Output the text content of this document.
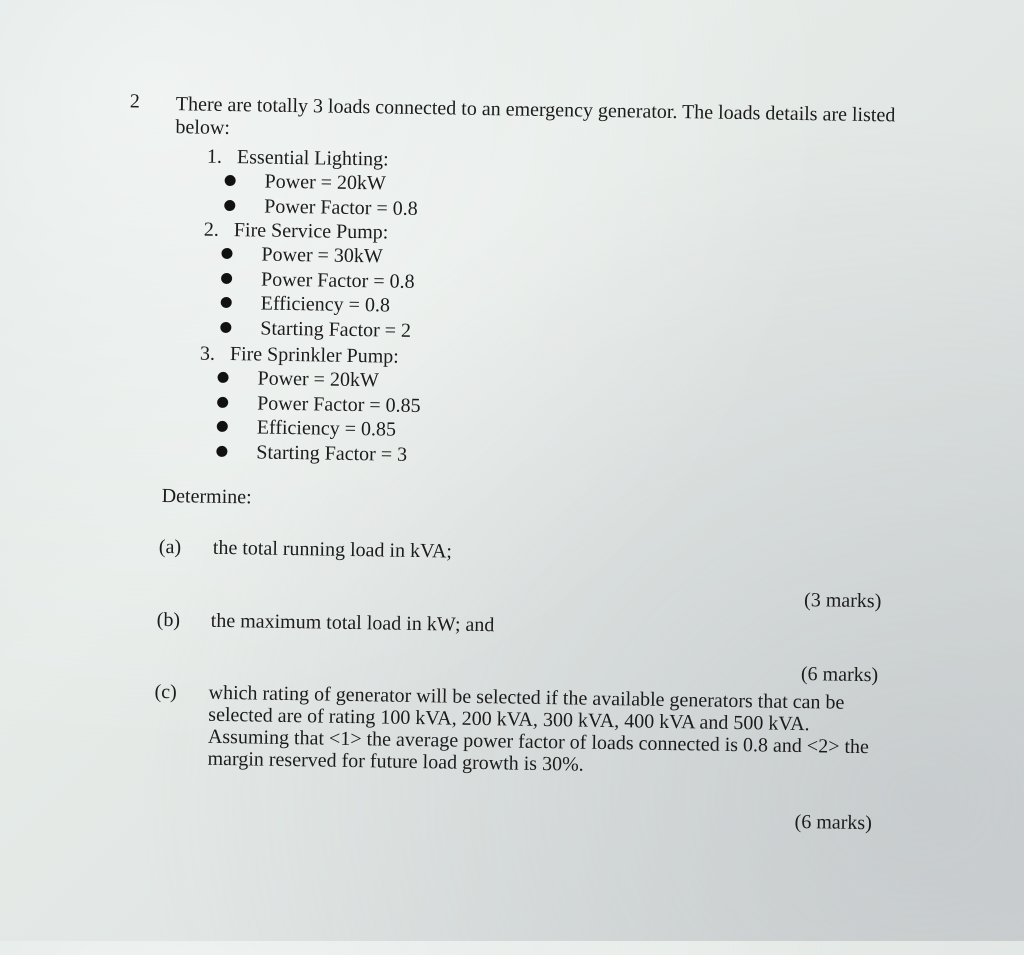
2 There are totally 3 loads connected to an emergency generator. The loads details are listed below:
1. Essential Lighting:
Power = 20kW
Power Factor = 0.8
2. Fire Service Pump:
Power = 30kW
Power Factor = 0.8
Efficiency = 0.8
Starting Factor = 2
3. Fire Sprinkler Pump:
Power = 20kW
Power Factor = 0.85
Efficiency = 0.85
Starting Factor = 3
Determine:
(a) the total running load in kVA;
(3 marks)
(b) the maximum total load in kW; and
(6 marks)
(c) which rating of generator will be selected if the available generators that can be selected are of rating 100 kVA, 200 kVA, 300 kVA, 400 kVA and 500 kVA. Assuming that <1> the average power factor of loads connected is 0.8 and <2> the margin reserved for future load growth is 30%.
(6 marks)
